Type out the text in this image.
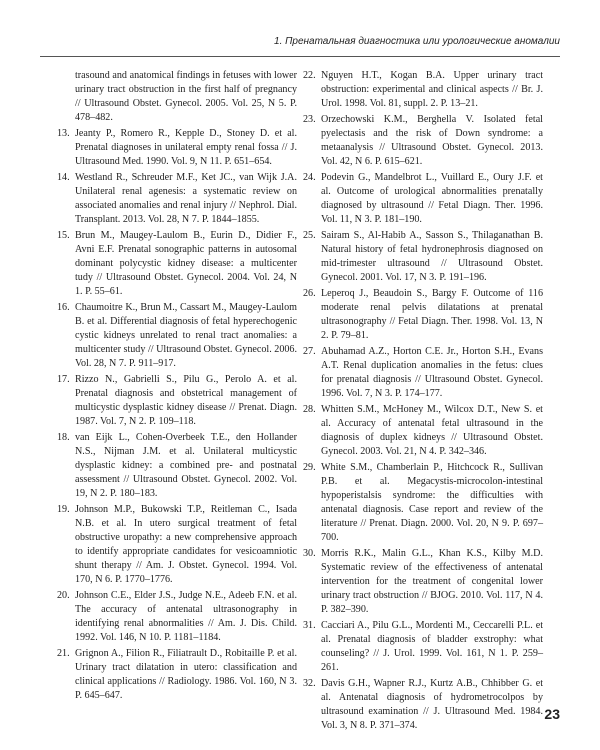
1. Пренатальная диагностика или урологические аномалии
trasound and anatomical findings in fetuses with lower urinary tract obstruction in the first half of pregnancy // Ultrasound Obstet. Gynecol. 2005. Vol. 25, N 5. P. 478–482.
13. Jeanty P., Romero R., Kepple D., Stoney D. et al. Prenatal diagnoses in unilateral empty renal fossa // J. Ultrasound Med. 1990. Vol. 9, N 11. P. 651–654.
14. Westland R., Schreuder M.F., Ket JC., van Wijk J.A. Unilateral renal agenesis: a systematic review on associated anomalies and renal injury // Nephrol. Dial. Transplant. 2013. Vol. 28, N 7. P. 1844–1855.
15. Brun M., Maugey-Laulom B., Eurin D., Didier F., Avni E.F. Prenatal sonographic patterns in autosomal dominant polycystic kidney disease: a multicenter tudy // Ultrasound Obstet. Gynecol. 2004. Vol. 24, N 1. P. 55–61.
16. Chaumoitre K., Brun M., Cassart M., Maugey-Laulom B. et al. Differential diagnosis of fetal hyperechogenic cystic kidneys unrelated to renal tract anomalies: a multicenter study // Ultrasound Obstet. Gynecol. 2006. Vol. 28, N 7. P. 911–917.
17. Rizzo N., Gabrielli S., Pilu G., Perolo A. et al. Prenatal diagnosis and obstetrical management of multicystic dysplastic kidney disease // Prenat. Diagn. 1987. Vol. 7, N 2. P. 109–118.
18. van Eijk L., Cohen-Overbeek T.E., den Hollander N.S., Nijman J.M. et al. Unilateral multicystic dysplastic kidney: a combined pre- and postnatal assessment // Ultrasound Obstet. Gynecol. 2002. Vol. 19, N 2. P. 180–183.
19. Johnson M.P., Bukowski T.P., Reitleman C., Isada N.B. et al. In utero surgical treatment of fetal obstructive uropathy: a new comprehensive approach to identify appropriate candidates for vesicoamniotic shunt therapy // Am. J. Obstet. Gynecol. 1994. Vol. 170, N 6. P. 1770–1776.
20. Johnson C.E., Elder J.S., Judge N.E., Adeeb F.N. et al. The accuracy of antenatal ultrasonography in identifying renal abnormalities // Am. J. Dis. Child. 1992. Vol. 146, N 10. P. 1181–1184.
21. Grignon A., Filion R., Filiatrault D., Robitaille P. et al. Urinary tract dilatation in utero: classification and clinical applications // Radiology. 1986. Vol. 160, N 3. P. 645–647.
22. Nguyen H.T., Kogan B.A. Upper urinary tract obstruction: experimental and clinical aspects // Br. J. Urol. 1998. Vol. 81, suppl. 2. P. 13–21.
23. Orzechowski K.M., Berghella V. Isolated fetal pyelectasis and the risk of Down syndrome: a metaanalysis // Ultrasound Obstet. Gynecol. 2013. Vol. 42, N 6. P. 615–621.
24. Podevin G., Mandelbrot L., Vuillard E., Oury J.F. et al. Outcome of urological abnormalities prenatally diagnosed by ultrasound // Fetal Diagn. Ther. 1996. Vol. 11, N 3. P. 181–190.
25. Sairam S., Al-Habib A., Sasson S., Thilaganathan B. Natural history of fetal hydronephrosis diagnosed on mid-trimester ultrasound // Ultrasound Obstet. Gynecol. 2001. Vol. 17, N 3. P. 191–196.
26. Leperoq J., Beaudoin S., Bargy F. Outcome of 116 moderate renal pelvis dilatations at prenatal ultrasonography // Fetal Diagn. Ther. 1998. Vol. 13, N 2. P. 79–81.
27. Abuhamad A.Z., Horton C.E. Jr., Horton S.H., Evans A.T. Renal duplication anomalies in the fetus: clues for prenatal diagnosis // Ultrasound Obstet. Gynecol. 1996. Vol. 7, N 3. P. 174–177.
28. Whitten S.M., McHoney M., Wilcox D.T., New S. et al. Accuracy of antenatal fetal ultrasound in the diagnosis of duplex kidneys // Ultrasound Obstet. Gynecol. 2003. Vol. 21, N 4. P. 342–346.
29. White S.M., Chamberlain P., Hitchcock R., Sullivan P.B. et al. Megacystis-microcolon-intestinal hypoperistalsis syndrome: the difficulties with antenatal diagnosis. Case report and review of the literature // Prenat. Diagn. 2000. Vol. 20, N 9. P. 697–700.
30. Morris R.K., Malin G.L., Khan K.S., Kilby M.D. Systematic review of the effectiveness of antenatal intervention for the treatment of congenital lower urinary tract obstruction // BJOG. 2010. Vol. 117, N 4. P. 382–390.
31. Cacciari A., Pilu G.L., Mordenti M., Ceccarelli P.L. et al. Prenatal diagnosis of bladder exstrophy: what counseling? // J. Urol. 1999. Vol. 161, N 1. P. 259–261.
32. Davis G.H., Wapner R.J., Kurtz A.B., Chhibber G. et al. Antenatal diagnosis of hydrometrocolpos by ultrasound examination // J. Ultrasound Med. 1984. Vol. 3, N 8. P. 371–374.
23
